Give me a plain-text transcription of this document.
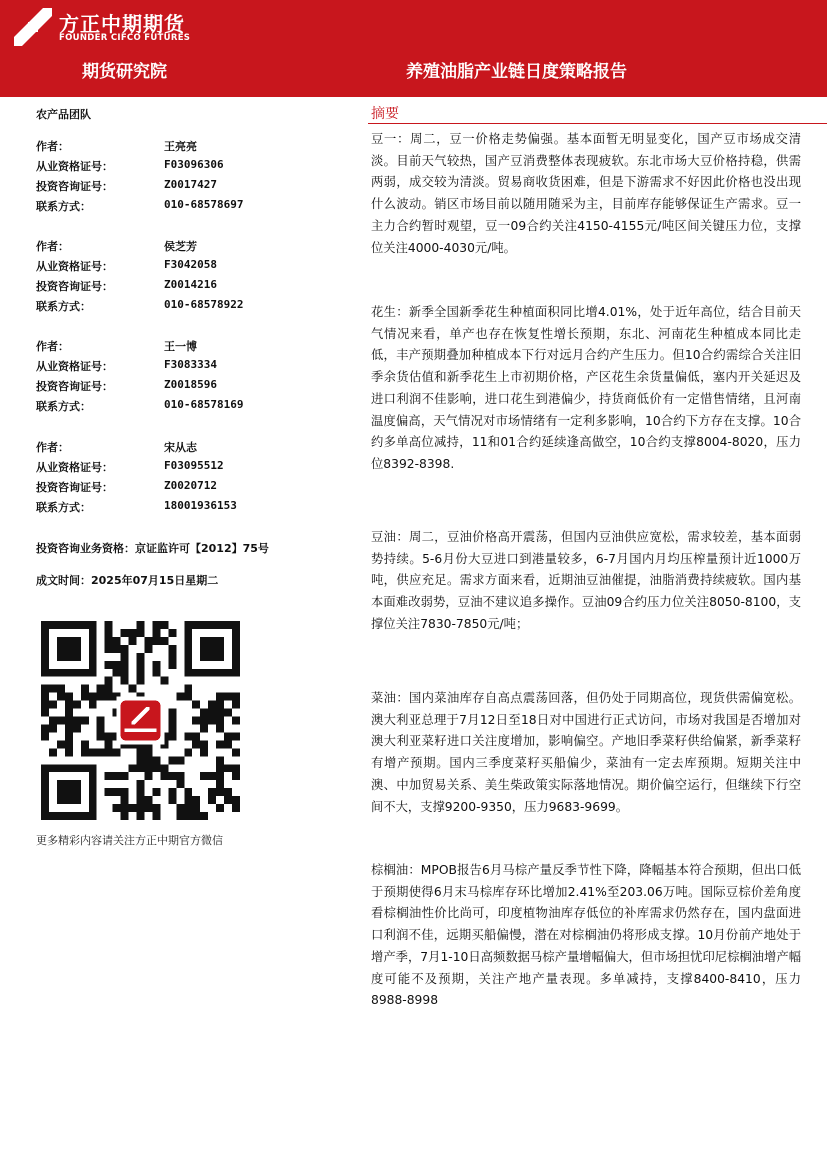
方正中期期货
FOUNDER CIFCO FUTURES
期货研究院	养殖油脂产业链日度策略报告
农产品团队
作者：	王亮亮
从业资格证号：	F03096306
投资咨询证号：	Z0017427
联系方式：	010-68578697
作者：	侯芝芳
从业资格证号：	F3042058
投资咨询证号：	Z0014216
联系方式：	010-68578922
作者：	王一博
从业资格证号：	F3083334
投资咨询证号：	Z0018596
联系方式：	010-68578169
作者：	宋从志
从业资格证号：	F03095512
投资咨询证号：	Z0020712
联系方式：	18001936153
投资咨询业务资格：京证监许可【2012】75号
成文时间：2025年07月15日星期二
更多精彩内容请关注方正中期官方微信
摘要
豆一：周二，豆一价格走势偏强。基本面暂无明显变化，国产豆市场成交清淡。目前天气较热，国产豆消费整体表现疲软。东北市场大豆价格持稳，供需两弱，成交较为清淡。贸易商收货困难，但是下游需求不好因此价格也没出现什么波动。销区市场目前以随用随采为主，目前库存能够保证生产需求。豆一主力合约暂时观望，豆一09合约关注4150-4155元/吨区间关键压力位，支撑位关注4000-4030元/吨。
花生：新季全国新季花生种植面积同比增4.01%，处于近年高位，结合目前天气情况来看，单产也存在恢复性增长预期，东北、河南花生种植成本同比走低，丰产预期叠加种植成本下行对远月合约产生压力。但10合约需综合关注旧季余货估值和新季花生上市初期价格，产区花生余货量偏低，塞内开关延迟及进口利润不佳影响，进口花生到港偏少，持货商低价有一定惜售情绪，且河南温度偏高，天气情况对市场情绪有一定利多影响，10合约下方存在支撑。10合约多单高位减持，11和01合约延续逢高做空，10合约支撑8004-8020，压力位8392-8398.
豆油：周二，豆油价格高开震荡，但国内豆油供应宽松，需求较差，基本面弱势持续。5-6月份大豆进口到港量较多，6-7月国内月均压榨量预计近1000万吨，供应充足。需求方面来看，近期油豆油催提，油脂消费持续疲软。国内基本面难改弱势，豆油不建议追多操作。豆油09合约压力位关注8050-8100，支撑位关注7830-7850元/吨；
菜油：国内菜油库存自高点震荡回落，但仍处于同期高位，现货供需偏宽松。澳大利亚总理于7月12日至18日对中国进行正式访问，市场对我国是否增加对澳大利亚菜籽进口关注度增加，影响偏空。产地旧季菜籽供给偏紧，新季菜籽有增产预期。国内三季度菜籽买船偏少，菜油有一定去库预期。短期关注中澳、中加贸易关系、美生柴政策实际落地情况。期价偏空运行，但继续下行空间不大，支撑9200-9350，压力9683-9699。
棕榈油：MPOB报告6月马棕产量反季节性下降，降幅基本符合预期，但出口低于预期使得6月末马棕库存环比增加2.41%至203.06万吨。国际豆棕价差角度看棕榈油性价比尚可，印度植物油库存低位的补库需求仍然存在，国内盘面进口利润不佳，远期买船偏慢，潜在对棕榈油仍将形成支撑。10月份前产地处于增产季，7月1-10日高频数据马棕产量增幅偏大，但市场担忧印尼棕榈油增产幅度可能不及预期，关注产地产量表现。多单减持，支撑8400-8410，压力8988-8998
